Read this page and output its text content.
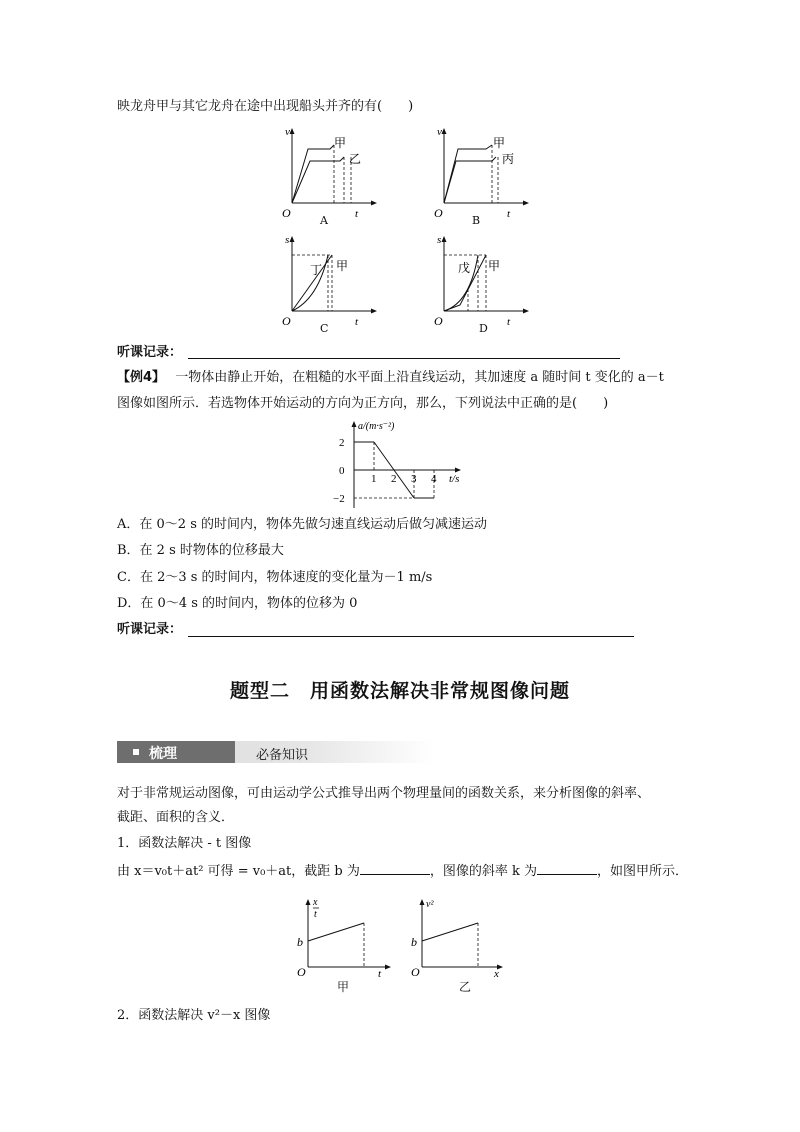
映龙舟甲与其它龙舟在途中出现船头并齐的有(　　)
v
O	t
甲
乙
A
v
O	t
甲
丙
B
s
O	t
丁 甲
C
s
O	t
戊 甲
D
听课记录：
【例4】 一物体由静止开始，在粗糙的水平面上沿直线运动，其加速度 a 随时间 t 变化的 a－t
图像如图所示．若选物体开始运动的方向为正方向，那么，下列说法中正确的是(　　)
a/(m·s⁻²)
2
0
−2
1 2 3 4 t/s
A．在 0～2 s 的时间内，物体先做匀速直线运动后做匀减速运动
B．在 2 s 时物体的位移最大
C．在 2～3 s 的时间内，物体速度的变化量为－1 m/s
D．在 0～4 s 的时间内，物体的位移为 0
听课记录：
题型二　用函数法解决非常规图像问题
梳理	必备知识
对于非常规运动图像，可由运动学公式推导出两个物理量间的函数关系，来分析图像的斜率、
截距、面积的含义．
1．函数法解决 - t 图像
由 x＝v₀t＋at² 可得 = v₀＋at，截距 b 为	，图像的斜率 k 为	，如图甲所示．
x
t
b
O	t
甲
v²
b
O	x
乙
2．函数法解决 v²－x 图像
